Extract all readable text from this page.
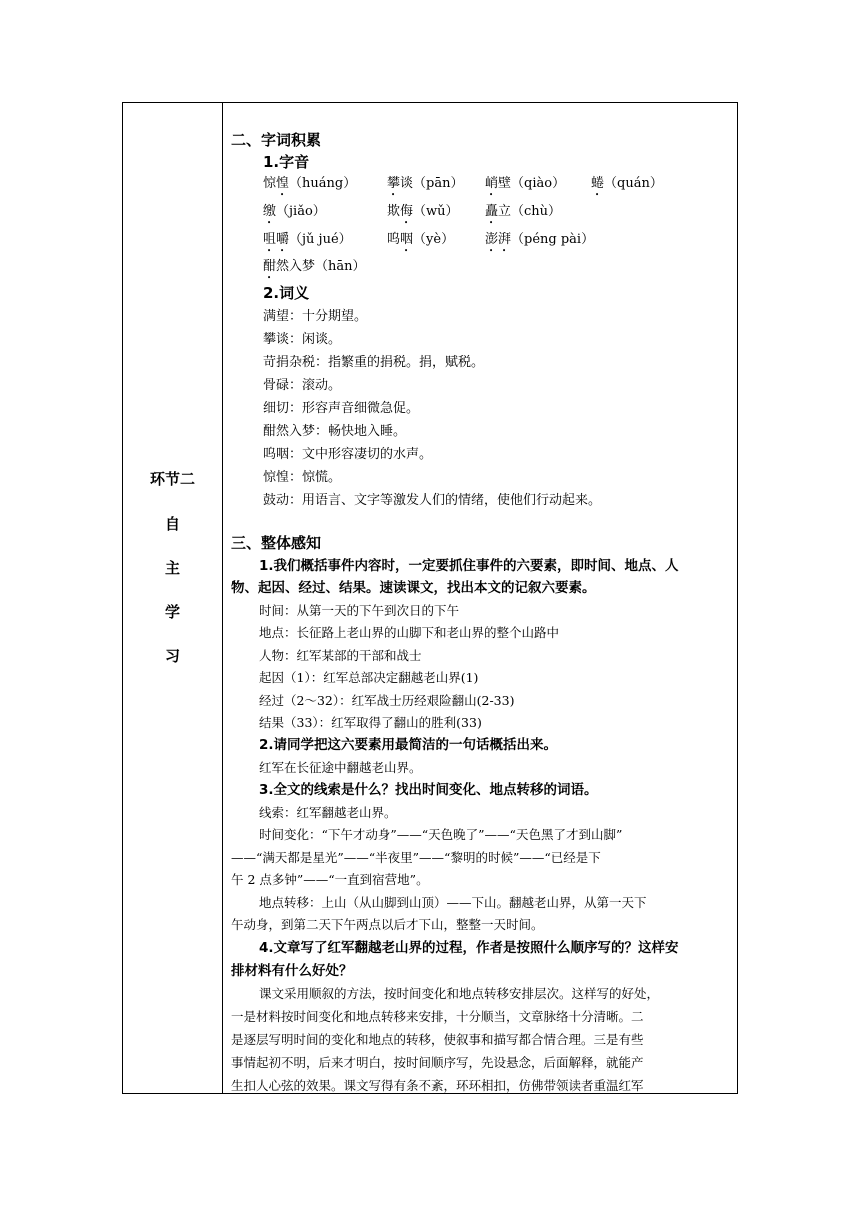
环节二
自
主
学
习
二、字词积累
1.字音
惊惶（huáng） 攀谈（pān） 峭壁（qiào） 蜷（quán）
缴（jiǎo）	欺侮（wǔ） 矗立（chù）
咀嚼（jǔ jué）	呜咽（yè） 澎湃（péng pài）
酣然入梦（hān）
2.词义
满望：十分期望。
攀谈：闲谈。
苛捐杂税：指繁重的捐税。捐，赋税。
骨碌：滚动。
细切：形容声音细微急促。
酣然入梦：畅快地入睡。
呜咽：文中形容凄切的水声。
惊惶：惊慌。
鼓动：用语言、文字等激发人们的情绪，使他们行动起来。
三、整体感知
1.我们概括事件内容时，一定要抓住事件的六要素，即时间、地点、人
物、起因、经过、结果。速读课文，找出本文的记叙六要素。
时间：从第一天的下午到次日的下午
地点：长征路上老山界的山脚下和老山界的整个山路中
人物：红军某部的干部和战士
起因（1）：红军总部决定翻越老山界(1)
经过（2～32）：红军战士历经艰险翻山(2-33)
结果（33）：红军取得了翻山的胜利(33)
2.请同学把这六要素用最简洁的一句话概括出来。
红军在长征途中翻越老山界。
3.全文的线索是什么？找出时间变化、地点转移的词语。
线索：红军翻越老山界。
时间变化：“下午才动身”——“天色晚了”——“天色黑了才到山脚”
——“满天都是星光”——“半夜里”——“黎明的时候”——“已经是下
午 2 点多钟”——“一直到宿营地”。
地点转移：上山（从山脚到山顶）——下山。翻越老山界，从第一天下
午动身，到第二天下午两点以后才下山，整整一天时间。
4.文章写了红军翻越老山界的过程，作者是按照什么顺序写的？这样安
排材料有什么好处？
课文采用顺叙的方法，按时间变化和地点转移安排层次。这样写的好处，
一是材料按时间变化和地点转移来安排，十分顺当，文章脉络十分清晰。二
是逐层写明时间的变化和地点的转移，使叙事和描写都合情合理。三是有些
事情起初不明，后来才明白，按时间顺序写，先设悬念，后面解释，就能产
生扣人心弦的效果。课文写得有条不紊，环环相扣，仿佛带领读者重温红军
